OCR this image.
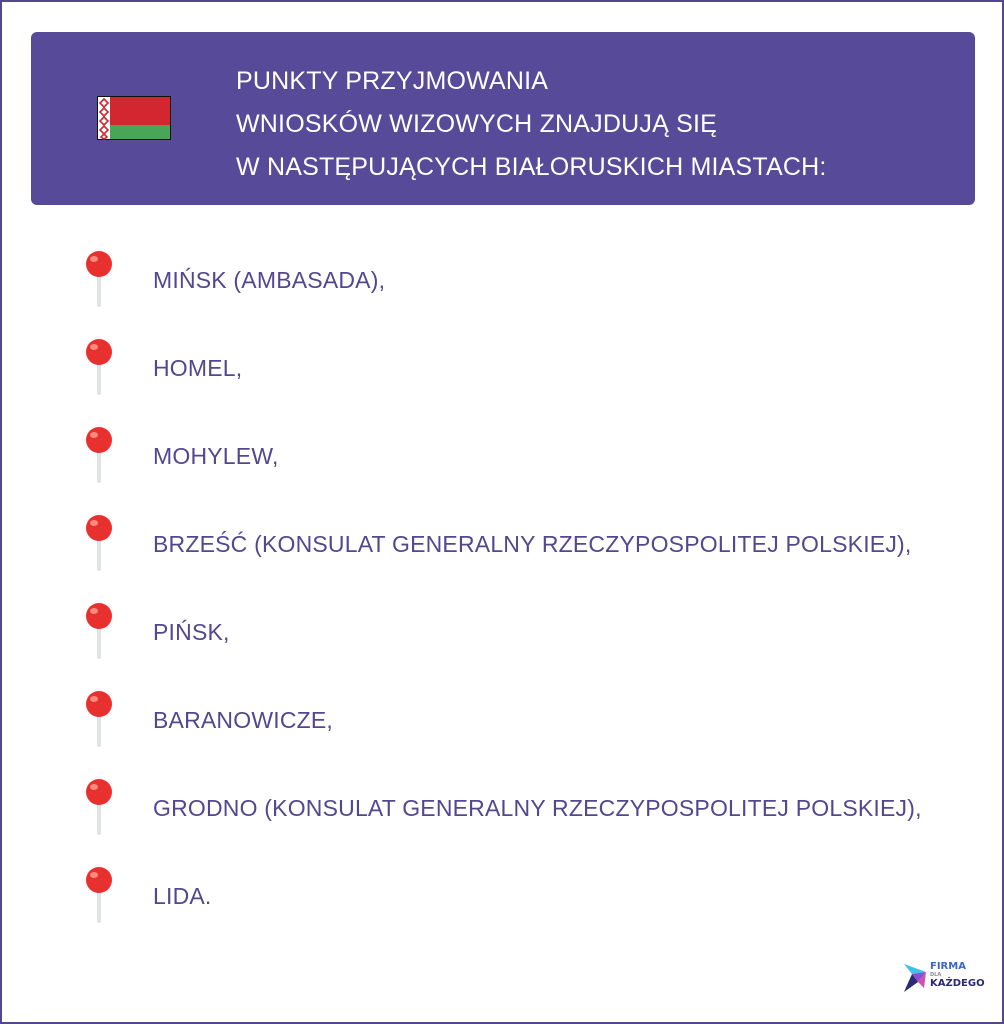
PUNKTY PRZYJMOWANIA
WNIOSKÓW WIZOWYCH ZNAJDUJĄ SIĘ
W NASTĘPUJĄCYCH BIAŁORUSKICH MIASTACH:
MIŃSK (AMBASADA),
HOMEL,
MOHYLEW,
BRZEŚĆ (KONSULAT GENERALNY RZECZYPOSPOLITEJ POLSKIEJ),
PIŃSK,
BARANOWICZE,
GRODNO (KONSULAT GENERALNY RZECZYPOSPOLITEJ POLSKIEJ),
LIDA.
FIRMA
DLA
KAŻDEGO
